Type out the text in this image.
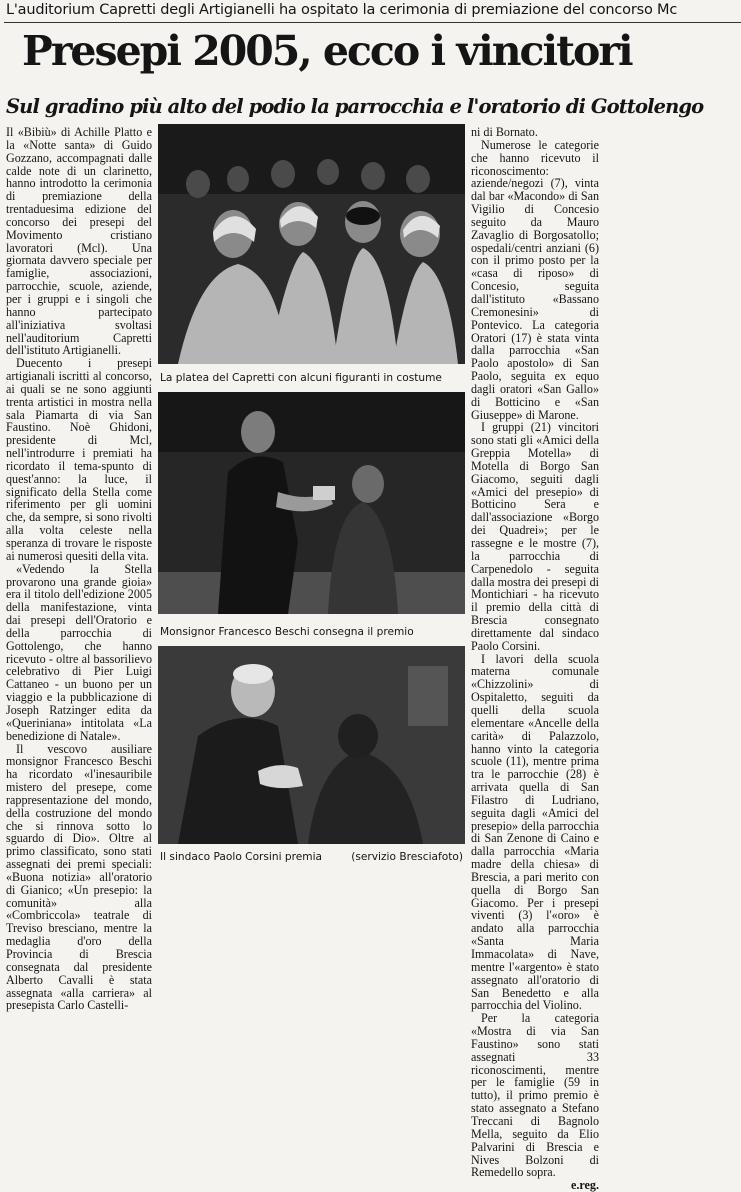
L'auditorium Capretti degli Artigianelli ha ospitato la cerimonia di premiazione del concorso Mc
Presepi 2005, ecco i vincitori
Sul gradino più alto del podio la parrocchia e l'oratorio di Gottolengo

Il «Bibiù» di Achille Platto e la «Notte santa» di Guido Gozzano, accompagnati dalle calde note di un clarinetto, hanno introdotto la cerimonia di premiazione della trentaduesima edizione del concorso dei presepi del Movimento cristiano lavoratori (Mcl). Una giornata davvero speciale per famiglie, associazioni, parrocchie, scuole, aziende, per i gruppi e i singoli che hanno partecipato all'iniziativa svoltasi nell'auditorium Capretti dell'istituto Artigianelli.

Duecento i presepi artigianali iscritti al concorso, ai quali se ne sono aggiunti trenta artistici in mostra nella sala Piamarta di via San Faustino. Noè Ghidoni, presidente di Mcl, nell'introdurre i premiati ha ricordato il tema-spunto di quest'anno: la luce, il significato della Stella come riferimento per gli uomini che, da sempre, si sono rivolti alla volta celeste nella speranza di trovare le risposte ai numerosi quesiti della vita.

«Vedendo la Stella provarono una grande gioia» era il titolo dell'edizione 2005 della manifestazione, vinta dai presepi dell'Oratorio e della parrocchia di Gottolengo, che hanno ricevuto - oltre al bassorilievo celebrativo di Pier Luigi Cattaneo - un buono per un viaggio e la pubblicazione di Joseph Ratzinger edita da «Queriniana» intitolata «La benedizione di Natale».

Il vescovo ausiliare monsignor Francesco Beschi ha ricordato «l'inesauribile mistero del presepe, come rappresentazione del mondo, della costruzione del mondo che si rinnova sotto lo sguardo di Dio». Oltre al primo classificato, sono stati assegnati dei premi speciali: «Buona notizia» all'oratorio di Gianico; «Un presepio: la comunità» alla «Combriccola» teatrale di Treviso bresciano, mentre la medaglia d'oro della Provincia di Brescia consegnata dal presidente Alberto Cavalli è stata assegnata «alla carriera» al presepista Carlo Castelli-

La platea del Capretti con alcuni figuranti in costume
Monsignor Francesco Beschi consegna il premio
Il sindaco Paolo Corsini premia	(servizio Bresciafoto)

ni di Bornato.

Numerose le categorie che hanno ricevuto il riconoscimento: aziende/negozi (7), vinta dal bar «Macondo» di San Vigilio di Concesio seguito da Mauro Zavaglio di Borgosatollo; ospedali/centri anziani (6) con il primo posto per la «casa di riposo» di Concesio, seguita dall'istituto «Bassano Cremonesini» di Pontevico. La categoria Oratori (17) è stata vinta dalla parrocchia «San Paolo apostolo» di San Paolo, seguita ex equo dagli oratori «San Gallo» di Botticino e «San Giuseppe» di Marone.

I gruppi (21) vincitori sono stati gli «Amici della Greppia Motella» di Motella di Borgo San Giacomo, seguiti dagli «Amici del presepio» di Botticino Sera e dall'associazione «Borgo dei Quadrei»; per le rassegne e le mostre (7), la parrocchia di Carpenedolo - seguita dalla mostra dei presepi di Montichiari - ha ricevuto il premio della città di Brescia consegnato direttamente dal sindaco Paolo Corsini.

I lavori della scuola materna comunale «Chizzolini» di Ospitaletto, seguiti da quelli della scuola elementare «Ancelle della carità» di Palazzolo, hanno vinto la categoria scuole (11), mentre prima tra le parrocchie (28) è arrivata quella di San Filastro di Ludriano, seguita dagli «Amici del presepio» della parrocchia di San Zenone di Caino e dalla parrocchia «Maria madre della chiesa» di Brescia, a pari merito con quella di Borgo San Giacomo. Per i presepi viventi (3) l'«oro» è andato alla parrocchia «Santa Maria Immacolata» di Nave, mentre l'«argento» è stato assegnato all'oratorio di San Benedetto e alla parrocchia del Violino.

Per la categoria «Mostra di via San Faustino» sono stati assegnati 33 riconoscimenti, mentre per le famiglie (59 in tutto), il primo premio è stato assegnato a Stefano Treccani di Bagnolo Mella, seguito da Elio Palvarini di Brescia e Nives Bolzoni di Remedello sopra.

e.reg.
